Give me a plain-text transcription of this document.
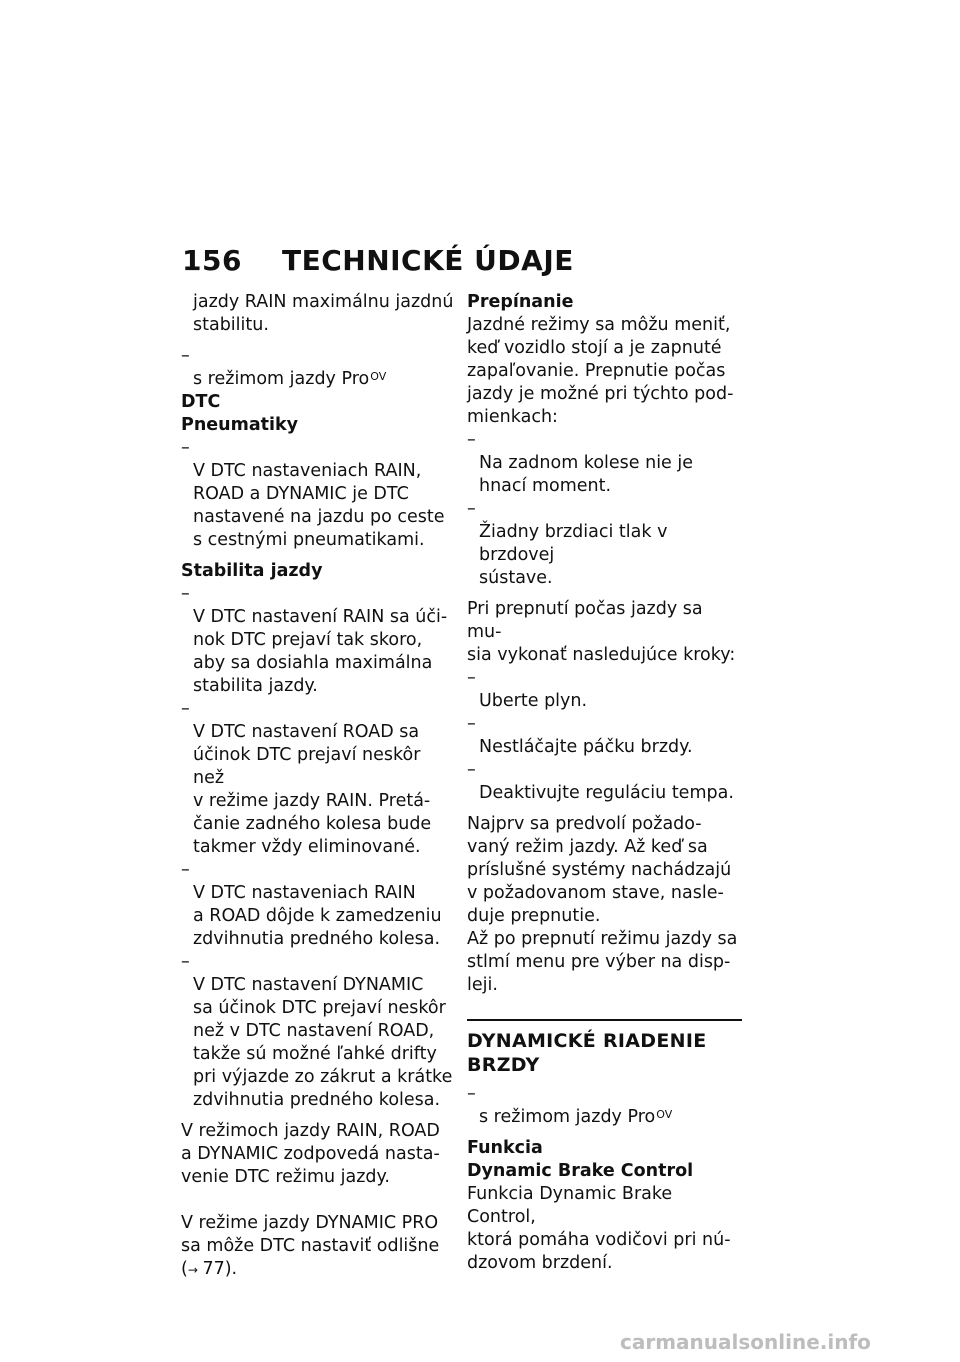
156 TECHNICKÉ ÚDAJE
jazdy RAIN maximálnu jazdnú
stabilitu.

–
s režimom jazdy Pro$^{OV}$

DTC
Pneumatiky

–
V DTC nastaveniach RAIN,
ROAD a DYNAMIC je DTC
nastavené na jazdu po ceste
s cestnými pneumatikami.

Stabilita jazdy

–
V DTC nastavení RAIN sa úči-
nok DTC prejaví tak skoro,
aby sa dosiahla maximálna
stabilita jazdy.

–
V DTC nastavení ROAD sa
účinok DTC prejaví neskôr než
v režime jazdy RAIN. Pretá-
čanie zadného kolesa bude
takmer vždy eliminované.

–
V DTC nastaveniach RAIN
a ROAD dôjde k zamedzeniu
zdvihnutia predného kolesa.

–
V DTC nastavení DYNAMIC
sa účinok DTC prejaví neskôr
než v DTC nastavení ROAD,
takže sú možné ľahké drifty
pri výjazde zo zákrut a krátke
zdvihnutia predného kolesa.

V režimoch jazdy RAIN, ROAD
a DYNAMIC zodpovedá nasta-
venie DTC režimu jazdy.

V režime jazdy DYNAMIC PRO
sa môže DTC nastaviť odlišne
(→ 77).

Prepínanie
Jazdné režimy sa môžu meniť,
keď vozidlo stojí a je zapnuté
zapaľovanie. Prepnutie počas
jazdy je možné pri týchto pod-
mienkach:

–
Na zadnom kolese nie je
hnací moment.

–
Žiadny brzdiaci tlak v brzdovej
sústave.

Pri prepnutí počas jazdy sa mu-
sia vykonať nasledujúce kroky:

–
Uberte plyn.

–
Nestláčajte páčku brzdy.

–
Deaktivujte reguláciu tempa.

Najprv sa predvolí požado-
vaný režim jazdy. Až keď sa
príslušné systémy nachádzajú
v požadovanom stave, nasle-
duje prepnutie.
Až po prepnutí režimu jazdy sa
stlmí menu pre výber na disp-
leji.
DYNAMICKÉ RIADENIE
BRZDY

–
s režimom jazdy Pro$^{OV}$

Funkcia
Dynamic Brake Control
Funkcia Dynamic Brake Control,
ktorá pomáha vodičovi pri nú-
dzovom brzdení.
carmanualsonline.info
